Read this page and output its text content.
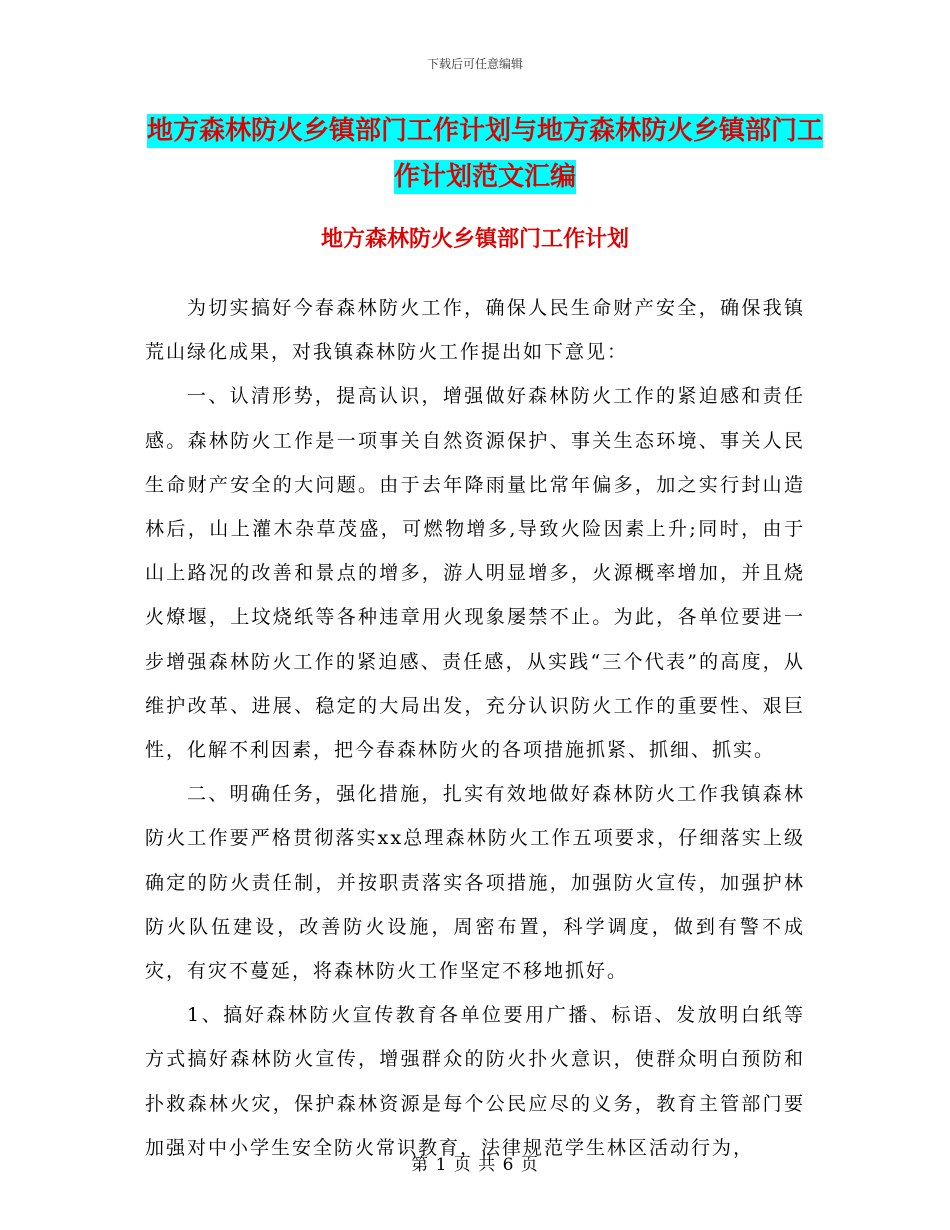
下载后可任意编辑
地方森林防火乡镇部门工作计划与地方森林防火乡镇部门工作计划范文汇编
地方森林防火乡镇部门工作计划

为切实搞好今春森林防火工作，确保人民生命财产安全，确保我镇荒山绿化成果，对我镇森林防火工作提出如下意见：

一、认清形势，提高认识，增强做好森林防火工作的紧迫感和责任感。森林防火工作是一项事关自然资源保护、事关生态环境、事关人民生命财产安全的大问题。由于去年降雨量比常年偏多，加之实行封山造林后，山上灌木杂草茂盛，可燃物增多,导致火险因素上升;同时，由于山上路况的改善和景点的增多，游人明显增多，火源概率增加，并且烧火燎堰，上坟烧纸等各种违章用火现象屡禁不止。为此，各单位要进一步增强森林防火工作的紧迫感、责任感，从实践“三个代表”的高度，从维护改革、进展、稳定的大局出发，充分认识防火工作的重要性、艰巨性，化解不利因素，把今春森林防火的各项措施抓紧、抓细、抓实。

二、明确任务，强化措施，扎实有效地做好森林防火工作我镇森林防火工作要严格贯彻落实xx总理森林防火工作五项要求，仔细落实上级确定的防火责任制，并按职责落实各项措施，加强防火宣传，加强护林防火队伍建设，改善防火设施，周密布置，科学调度，做到有警不成灾，有灾不蔓延，将森林防火工作坚定不移地抓好。

1、搞好森林防火宣传教育各单位要用广播、标语、发放明白纸等方式搞好森林防火宣传，增强群众的防火扑火意识，使群众明白预防和扑救森林火灾，保护森林资源是每个公民应尽的义务，教育主管部门要加强对中小学生安全防火常识教育，法律规范学生林区活动行为，

第 1 页 共 6 页
